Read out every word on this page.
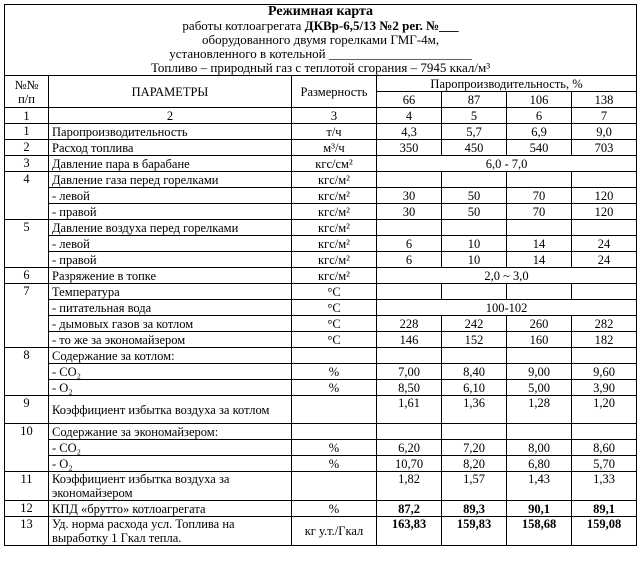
Режимная карта
работы котлоагрегата ДКВр-6,5/13 №2 рег. №___
оборудованного двумя горелками ГМГ-4м,
установленного в котельной ______________________
Топливо – природный газ с теплотой сгорания – 7945 ккал/м³						

№№ п/п	ПАРАМЕТРЫ	Размерность	Паропроизводительность, %			
			66	87	106	138
1	2	3	4	5	6	7
1	Паропроизводительность	т/ч	4,3	5,7	6,9	9,0
2	Расход топлива	м³/ч	350	450	540	703
3	Давление пара в барабане	кгс/см²	6,0 - 7,0			
4	Давление газа перед горелками	кгс/м²				
	- левой	кгс/м²	30	50	70	120
	- правой	кгс/м²	30	50	70	120
5	Давление воздуха перед горелками	кгс/м²				
	- левой	кгс/м²	6	10	14	24
	- правой	кгс/м²	6	10	14	24
6	Разряжение в топке	кгс/м²	2,0 ~ 3,0			
7	Температура	°С				
	- питательная вода	°С	100-102			
	- дымовых газов за котлом	°С	228	242	260	282
	- то же за экономайзером	°С	146	152	160	182
8	Содержание за котлом:					
	- СО₂	%	7,00	8,40	9,00	9,60
	- О₂	%	8,50	6,10	5,00	3,90
9	Коэффициент избытка воздуха за котлом		1,61	1,36	1,28	1,20
10	Содержание за экономайзером:					
	- СО₂	%	6,20	7,20	8,00	8,60
	- О₂	%	10,70	8,20	6,80	5,70
11	Коэффициент избытка воздуха за экономайзером		1,82	1,57	1,43	1,33
12	КПД «брутто» котлоагрегата	%	87,2	89,3	90,1	89,1
13	Уд. норма расхода усл. Топлива на выработку 1 Гкал тепла.	кг у.т./Гкал	163,83	159,83	158,68	159,08
